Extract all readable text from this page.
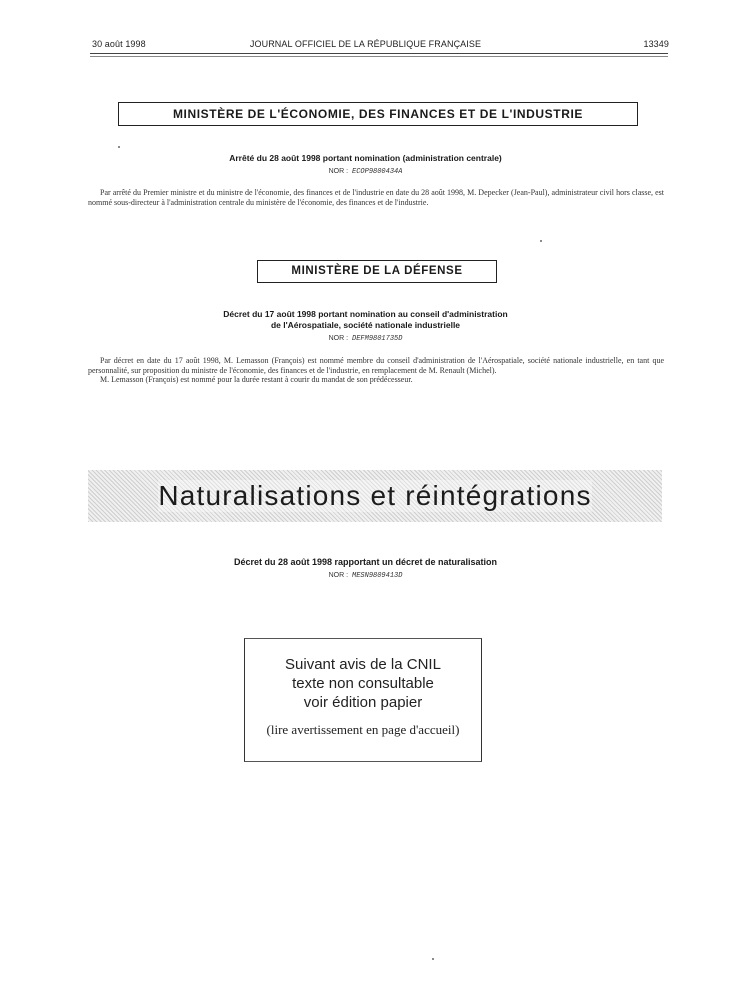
30 août 1998	JOURNAL OFFICIEL DE LA RÉPUBLIQUE FRANÇAISE	13349
MINISTÈRE DE L'ÉCONOMIE, DES FINANCES ET DE L'INDUSTRIE
Arrêté du 28 août 1998 portant nomination (administration centrale)
NOR : ECOP9800434A

Par arrêté du Premier ministre et du ministre de l'économie, des finances et de l'industrie en date du 28 août 1998, M. Depecker (Jean-Paul), administrateur civil hors classe, est nommé sous-directeur à l'administration centrale du ministère de l'économie, des finances et de l'industrie.

MINISTÈRE DE LA DÉFENSE
Décret du 17 août 1998 portant nomination au conseil d'administration
de l'Aérospatiale, société nationale industrielle
NOR : DEFM9801735D

Par décret en date du 17 août 1998, M. Lemasson (François) est nommé membre du conseil d'administration de l'Aérospatiale, société nationale industrielle, en tant que personnalité, sur proposition du ministre de l'économie, des finances et de l'industrie, en remplacement de M. Renault (Michel).

M. Lemasson (François) est nommé pour la durée restant à courir du mandat de son prédécesseur.

Naturalisations et réintégrations
Décret du 28 août 1998 rapportant un décret de naturalisation
NOR : MESN9809413D
Suivant avis de la CNIL
texte non consultable
voir édition papier
(lire avertissement en page d'accueil)
